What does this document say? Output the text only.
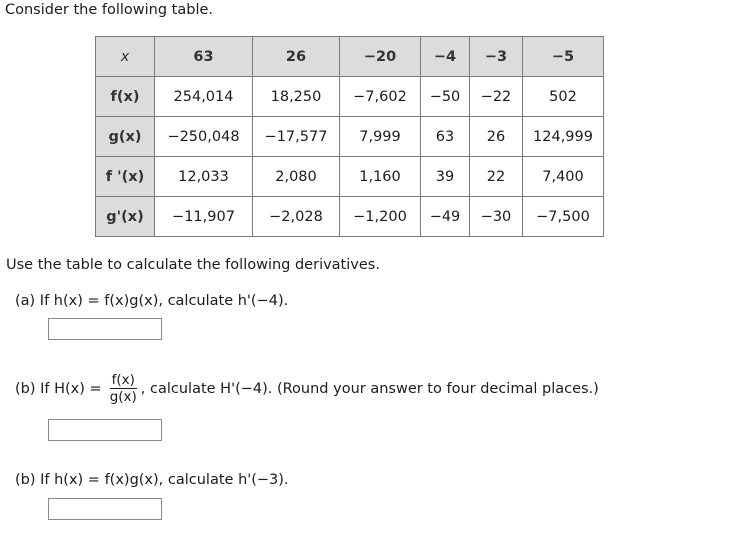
Consider the following table.
x	63	26	−20	−4	−3	−5
f(x)	254,014	18,250	−7,602	−50	−22	502
g(x)	−250,048	−17,577	7,999	63	26	124,999
f '(x)	12,033	2,080	1,160	39	22	7,400
g'(x)	−11,907	−2,028	−1,200	−49	−30	−7,500
Use the table to calculate the following derivatives.
(a) If h(x) = f(x)g(x), calculate h'(−4).
(b) If $H(x) = \frac{f(x)}{g(x)}$ , calculate H'(−4). (Round your answer to four decimal places.)
(b) If h(x) = f(x)g(x), calculate h'(−3).
